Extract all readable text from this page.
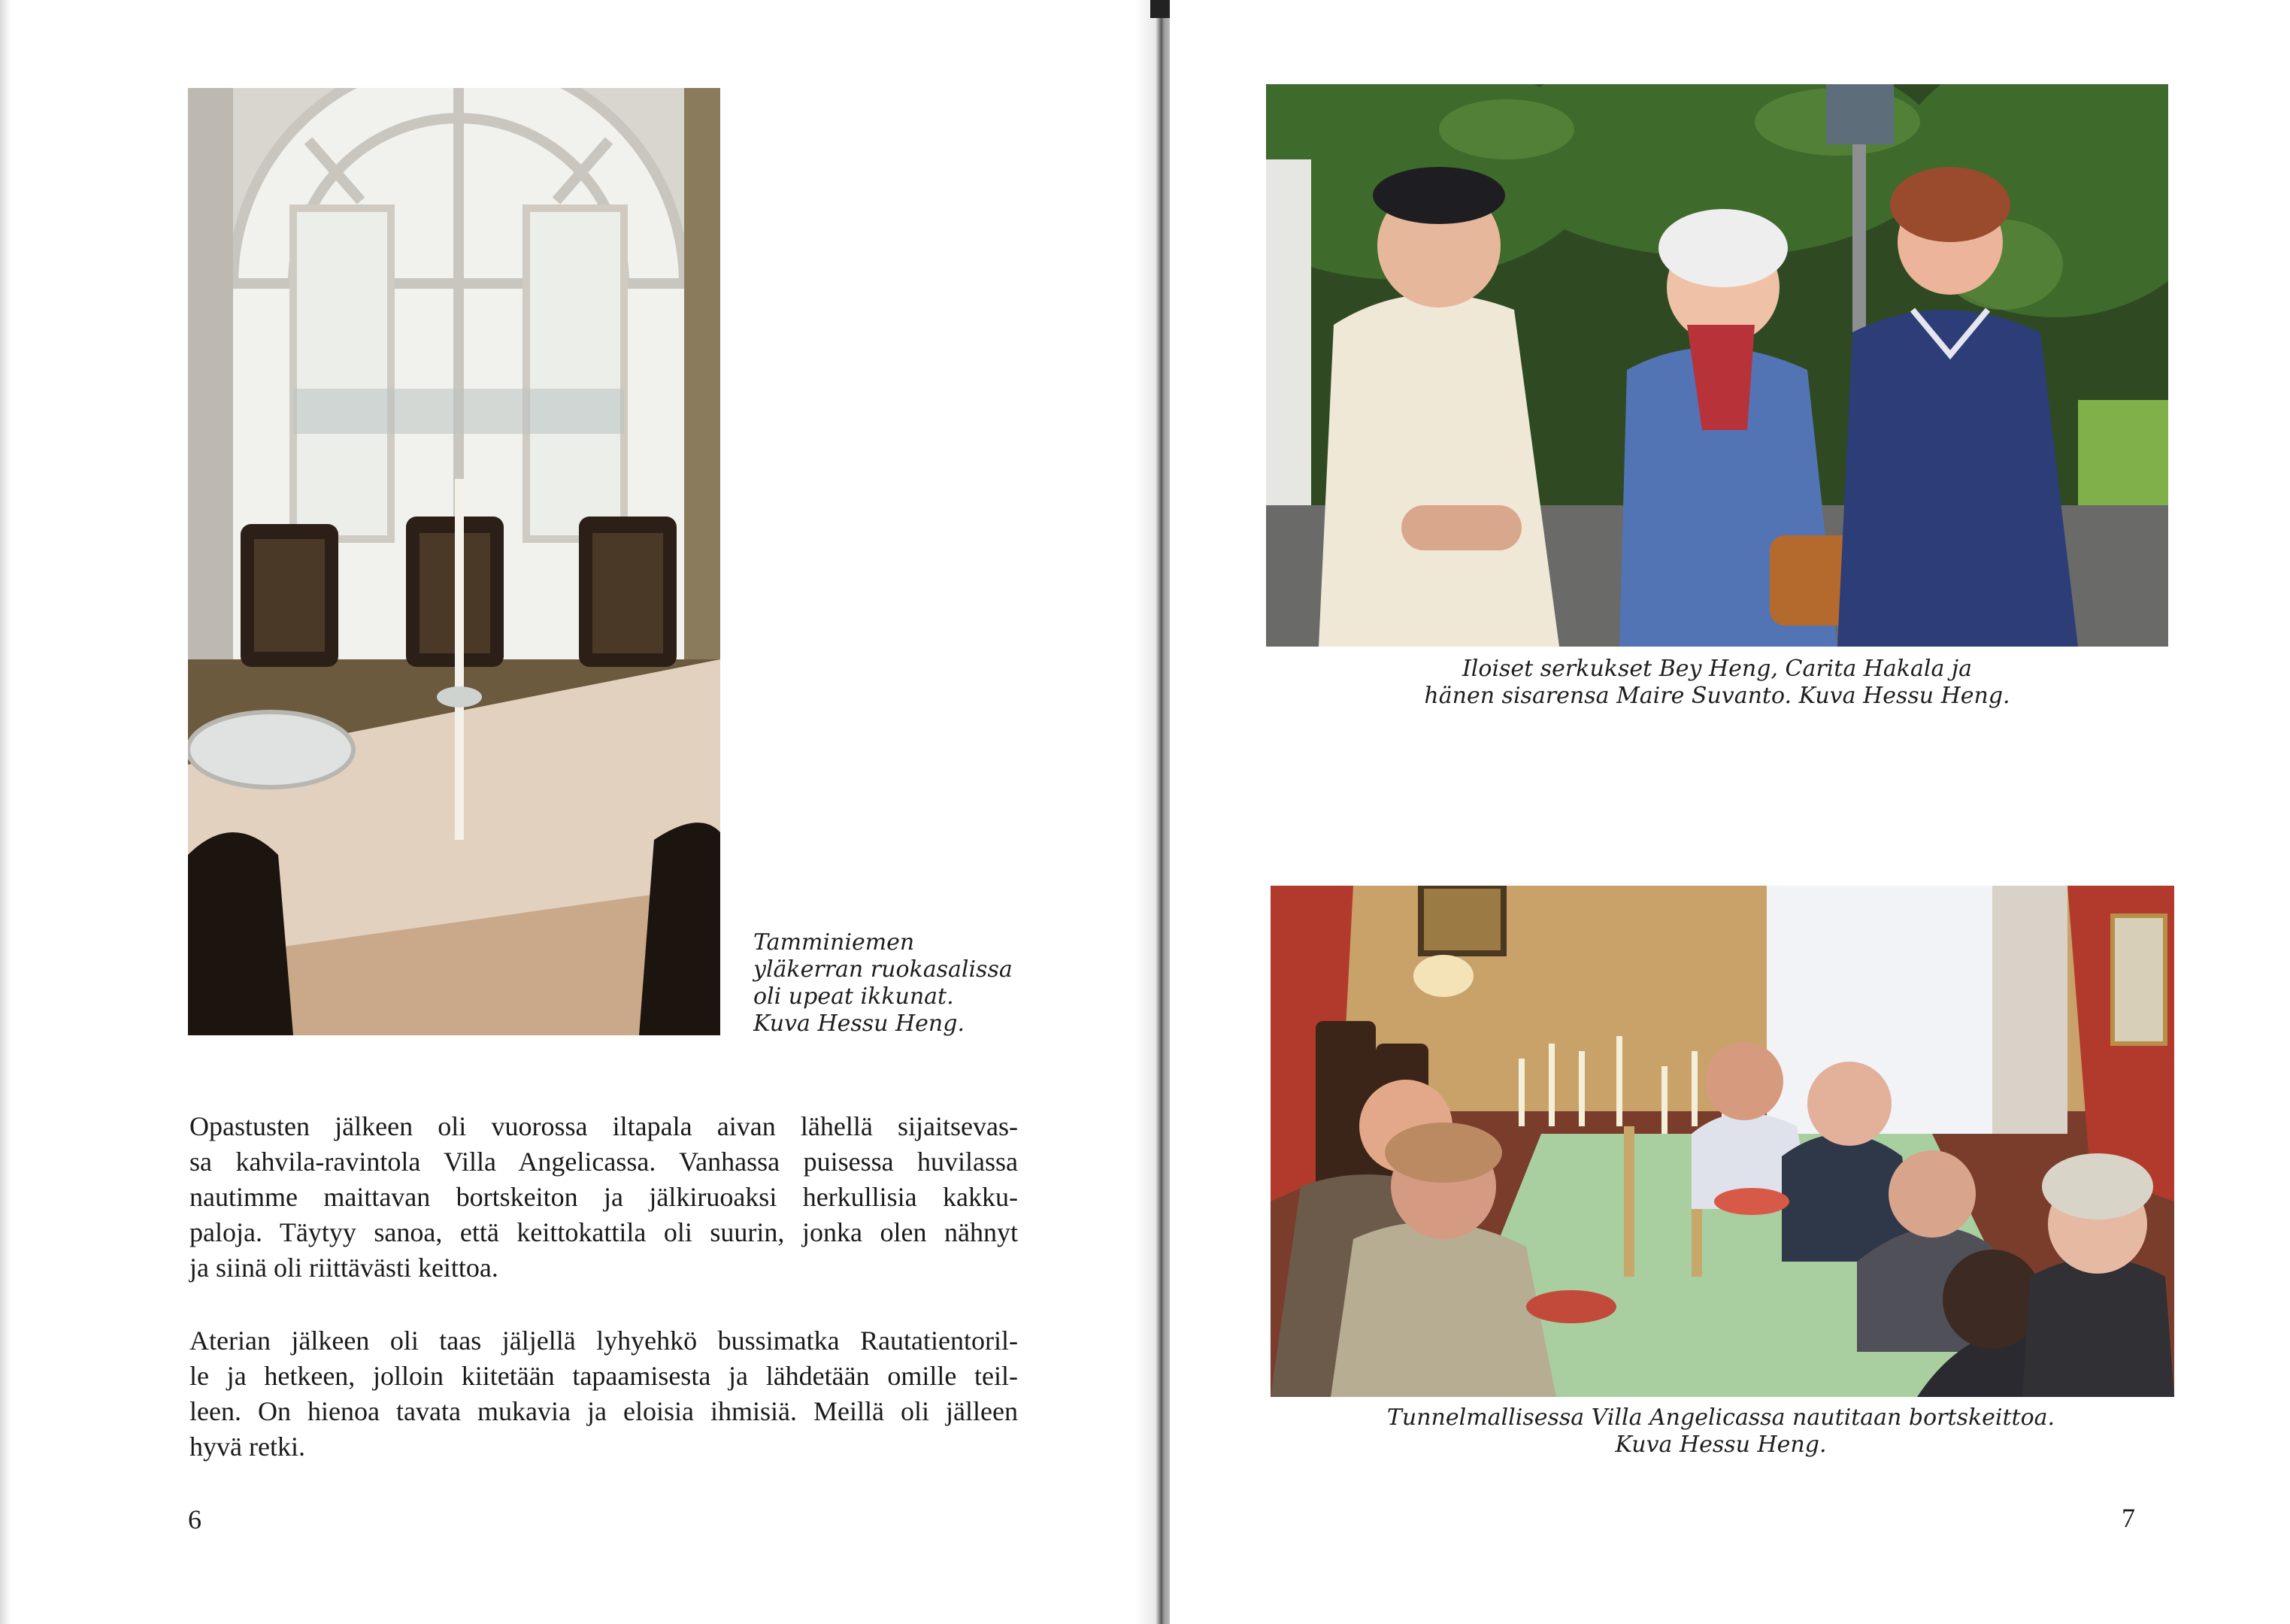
Tamminiemen
yläkerran ruokasalissa
oli upeat ikkunat.
Kuva Hessu Heng.
Opastusten jälkeen oli vuorossa iltapala aivan lähellä sijaitsevas-
sa kahvila-ravintola Villa Angelicassa. Vanhassa puisessa huvilassa
nautimme maittavan bortskeiton ja jälkiruoaksi herkullisia kakku-
paloja. Täytyy sanoa, että keittokattila oli suurin, jonka olen nähnyt
ja siinä oli riittävästi keittoa.
Aterian jälkeen oli taas jäljellä lyhyehkö bussimatka Rautatientoril-
le ja hetkeen, jolloin kiitetään tapaamisesta ja lähdetään omille teil-
leen. On hienoa tavata mukavia ja eloisia ihmisiä. Meillä oli jälleen
hyvä retki.
6
Iloiset serkukset Bey Heng, Carita Hakala ja
hänen sisarensa Maire Suvanto. Kuva Hessu Heng.
Tunnelmallisessa Villa Angelicassa nautitaan bortskeittoa.
Kuva Hessu Heng.
7
